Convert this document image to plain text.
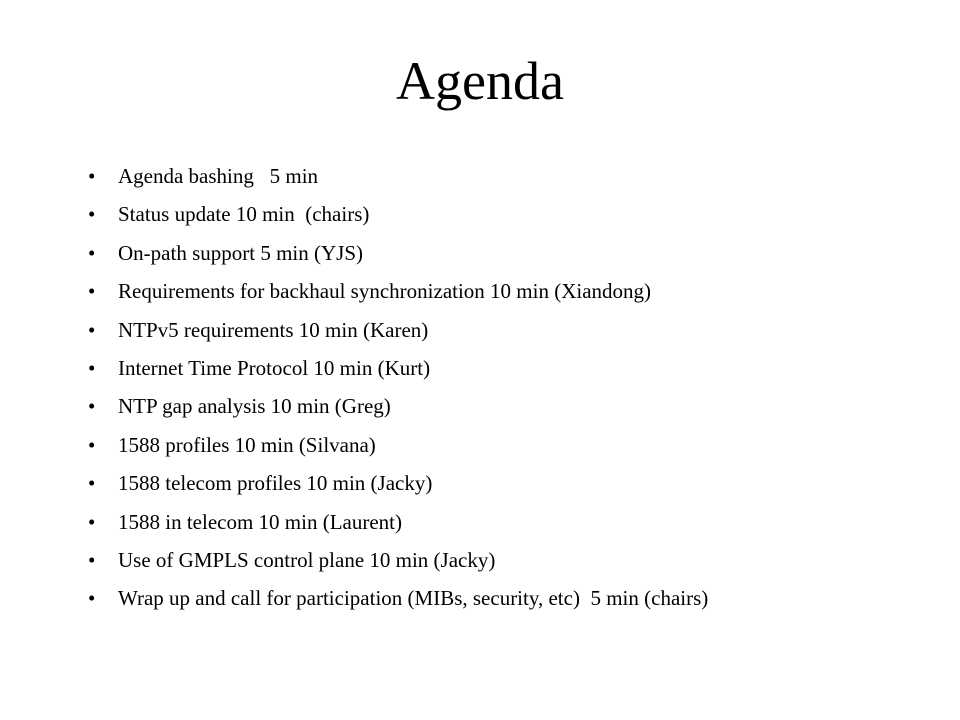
Agenda

•

	Agenda bashing   5 min

•

	Status update 10 min  (chairs)

•

	On-path support 5 min (YJS)

•

	Requirements for backhaul synchronization 10 min (Xiandong)

•

	NTPv5 requirements 10 min (Karen)

•

	Internet Time Protocol 10 min (Kurt)

•

	NTP gap analysis 10 min (Greg)

•

	1588 profiles 10 min (Silvana)

•

	1588 telecom profiles 10 min (Jacky)

•

	1588 in telecom 10 min (Laurent)

•

	Use of GMPLS control plane 10 min (Jacky)

•

	Wrap up and call for participation (MIBs, security, etc)  5 min (chairs)
